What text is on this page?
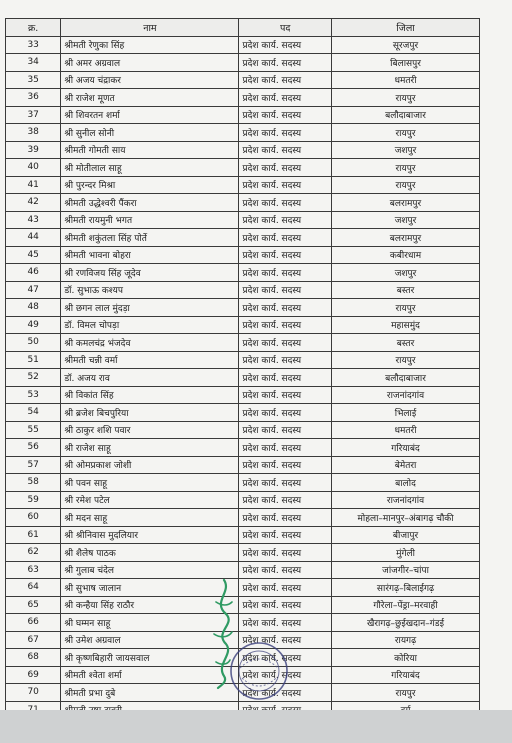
क्र.	नाम	पद	जिला
33	श्रीमती रेणुका सिंह	प्रदेश कार्य. सदस्य	सूरजपुर
34	श्री अमर अग्रवाल	प्रदेश कार्य. सदस्य	बिलासपुर
35	श्री अजय चंद्राकर	प्रदेश कार्य. सदस्य	धमतरी
36	श्री राजेश मूणत	प्रदेश कार्य. सदस्य	रायपुर
37	श्री शिवरतन शर्मा	प्रदेश कार्य. सदस्य	बलौदाबाजार
38	श्री सुनील सोनी	प्रदेश कार्य. सदस्य	रायपुर
39	श्रीमती गोमती साय	प्रदेश कार्य. सदस्य	जशपुर
40	श्री मोतीलाल साहू	प्रदेश कार्य. सदस्य	रायपुर
41	श्री पुरन्दर मिश्रा	प्रदेश कार्य. सदस्य	रायपुर
42	श्रीमती उद्धेश्वरी पैंकरा	प्रदेश कार्य. सदस्य	बलरामपुर
43	श्रीमती रायमुनी भगत	प्रदेश कार्य. सदस्य	जशपुर
44	श्रीमती शकुंतला सिंह पोर्ते	प्रदेश कार्य. सदस्य	बलरामपुर
45	श्रीमती भावना बोहरा	प्रदेश कार्य. सदस्य	कबीरधाम
46	श्री रणविजय सिंह जूदेव	प्रदेश कार्य. सदस्य	जशपुर
47	डॉ. सुभाऊ कश्यप	प्रदेश कार्य. सदस्य	बस्तर
48	श्री छगन लाल मुंदड़ा	प्रदेश कार्य. सदस्य	रायपुर
49	डॉ. विमल चोपड़ा	प्रदेश कार्य. सदस्य	महासमुंद
50	श्री कमलचंद्र भंजदेव	प्रदेश कार्य. सदस्य	बस्तर
51	श्रीमती चन्नी वर्मा	प्रदेश कार्य. सदस्य	रायपुर
52	डॉ. अजय राव	प्रदेश कार्य. सदस्य	बलौदाबाजार
53	श्री विकांत सिंह	प्रदेश कार्य. सदस्य	राजनांदगांव
54	श्री ब्रजेश बिचपुरिया	प्रदेश कार्य. सदस्य	भिलाई
55	श्री ठाकुर शशि पवार	प्रदेश कार्य. सदस्य	धमतरी
56	श्री राजेश साहू	प्रदेश कार्य. सदस्य	गरियाबंद
57	श्री ओमप्रकाश जोशी	प्रदेश कार्य. सदस्य	बेमेतरा
58	श्री पवन साहू	प्रदेश कार्य. सदस्य	बालोद
59	श्री रमेश पटेल	प्रदेश कार्य. सदस्य	राजनांदगांव
60	श्री मदन साहू	प्रदेश कार्य. सदस्य	मोहला–मानपुर–अंबागढ़ चौकी
61	श्री श्रीनिवास मुदलियार	प्रदेश कार्य. सदस्य	बीजापुर
62	श्री शैलेष पाठक	प्रदेश कार्य. सदस्य	मुंगेली
63	श्री गुलाब चंदेल	प्रदेश कार्य. सदस्य	जांजगीर–चांपा
64	श्री सुभाष जालान	प्रदेश कार्य. सदस्य	सारंगढ़–बिलाईगढ़
65	श्री कन्हैया सिंह राठौर	प्रदेश कार्य. सदस्य	गौरेला–पेंड्रा–मरवाही
66	श्री घम्मन साहू	प्रदेश कार्य. सदस्य	खैरागढ़–छुईखदान–गंडई
67	श्री उमेश अग्रवाल	प्रदेश कार्य. सदस्य	रायगढ़
68	श्री कृष्णबिहारी जायसवाल	प्रदेश कार्य. सदस्य	कोरिया
69	श्रीमती श्वेता शर्मा	प्रदेश कार्य. सदस्य	गरियाबंद
70	श्रीमती प्रभा दुबे	प्रदेश कार्य. सदस्य	रायपुर
